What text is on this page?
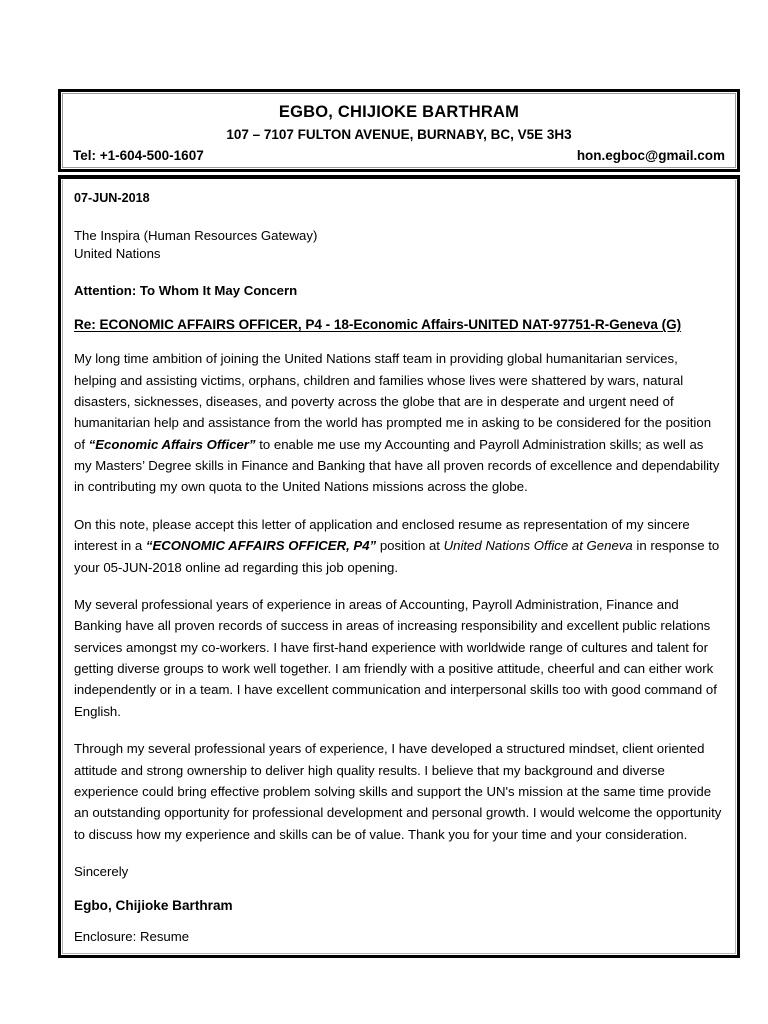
EGBO, CHIJIOKE BARTHRAM
107 – 7107 FULTON AVENUE, BURNABY, BC, V5E 3H3
Tel: +1-604-500-1607	hon.egboc@gmail.com
07-JUN-2018
The Inspira (Human Resources Gateway)
United Nations
Attention: To Whom It May Concern
Re: ECONOMIC AFFAIRS OFFICER, P4 - 18-Economic Affairs-UNITED NAT-97751-R-Geneva (G)

My long time ambition of joining the United Nations staff team in providing global humanitarian services, helping and assisting victims, orphans, children and families whose lives were shattered by wars, natural disasters, sicknesses, diseases, and poverty across the globe that are in desperate and urgent need of humanitarian help and assistance from the world has prompted me in asking to be considered for the position of “Economic Affairs Officer” to enable me use my Accounting and Payroll Administration skills; as well as my Masters’ Degree skills in Finance and Banking that have all proven records of excellence and dependability in contributing my own quota to the United Nations missions across the globe.

On this note, please accept this letter of application and enclosed resume as representation of my sincere interest in a “ECONOMIC AFFAIRS OFFICER, P4” position at United Nations Office at Geneva in response to your 05-JUN-2018 online ad regarding this job opening.

My several professional years of experience in areas of Accounting, Payroll Administration, Finance and Banking have all proven records of success in areas of increasing responsibility and excellent public relations services amongst my co-workers. I have first-hand experience with worldwide range of cultures and talent for getting diverse groups to work well together. I am friendly with a positive attitude, cheerful and can either work independently or in a team. I have excellent communication and interpersonal skills too with good command of English.

Through my several professional years of experience, I have developed a structured mindset, client oriented attitude and strong ownership to deliver high quality results. I believe that my background and diverse experience could bring effective problem solving skills and support the UN's mission at the same time provide an outstanding opportunity for professional development and personal growth. I would welcome the opportunity to discuss how my experience and skills can be of value. Thank you for your time and your consideration.

Sincerely
Egbo, Chijioke Barthram
Enclosure: Resume
